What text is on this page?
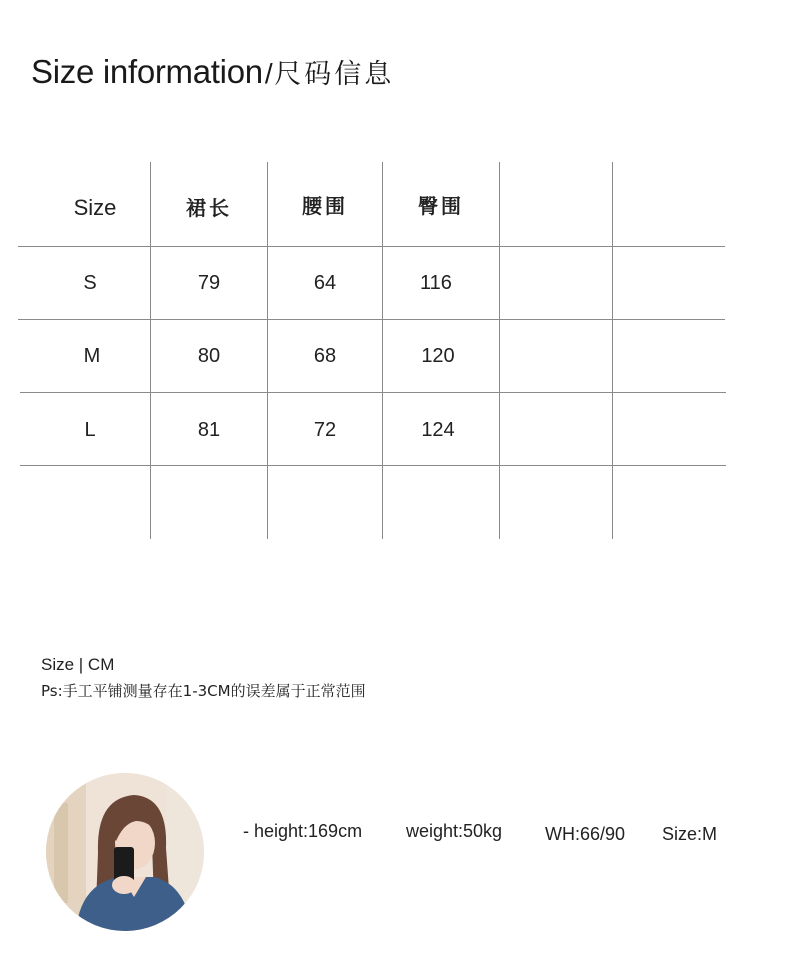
Size information/尺码信息
Size	裙长	腰围	臀围
S	79	64	116
M	80	68	120
L	81	72	124
Size | CM
Ps:手工平铺测量存在1-3CM的误差属于正常范围
- height:169cm weight:50kg WH:66/90 Size:M
